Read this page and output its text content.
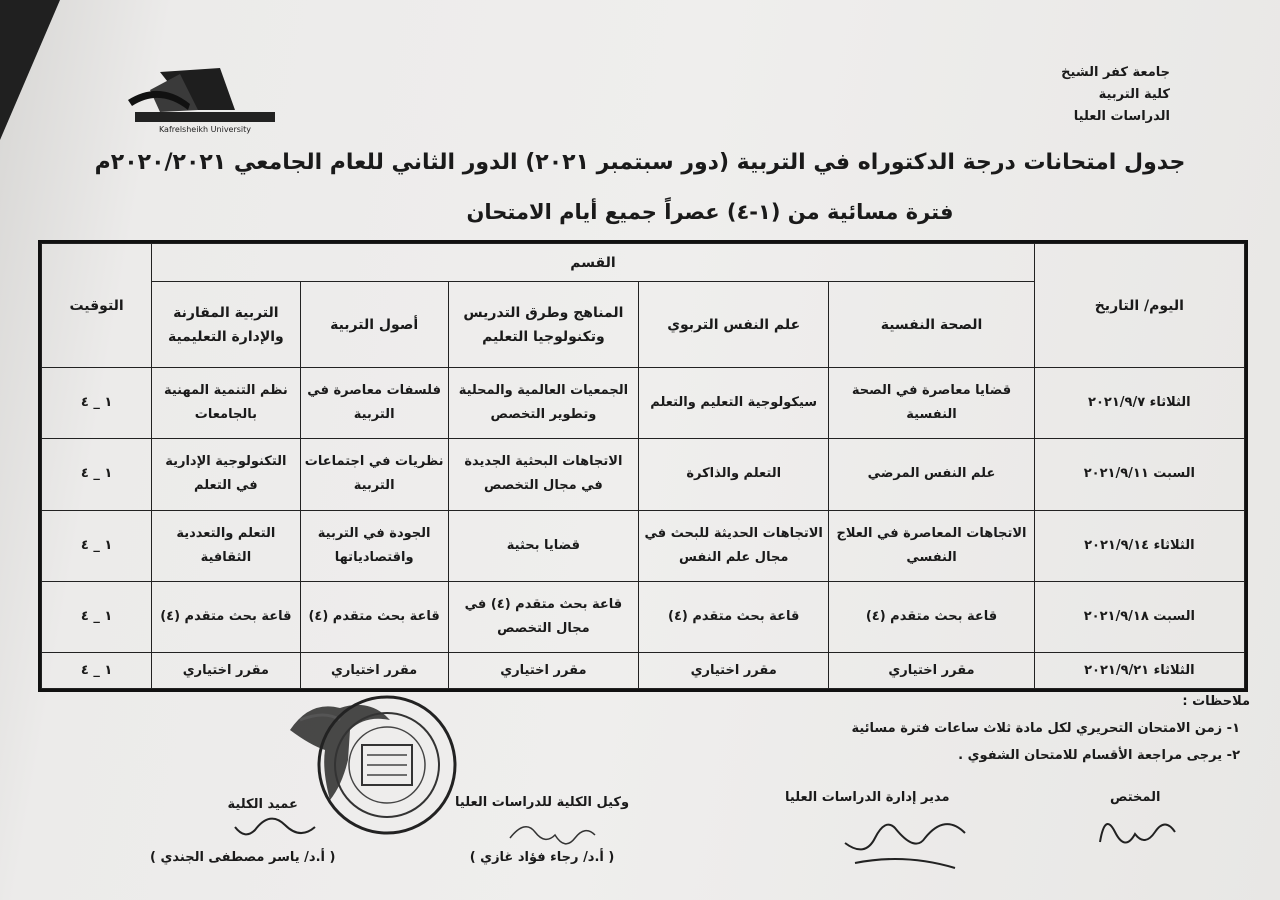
Kafrelsheikh University
جامعة كفر الشيخ
كلية التربية
الدراسات العليا
جدول امتحانات درجة الدكتوراه في التربية (دور سبتمبر ٢٠٢١) الدور الثاني للعام الجامعي ٢٠٢٠/٢٠٢١م
فترة مسائية من (١-٤) عصراً جميع أيام الامتحان
اليوم/ التاريخ	القسم					التوقيت
	الصحة النفسية	علم النفس التربوي	المناهج وطرق التدريس وتكنولوجيا التعليم	أصول التربية	التربية المقارنة والإدارة التعليمية	
الثلاثاء ٢٠٢١/٩/٧	قضايا معاصرة في الصحة النفسية	سيكولوجية التعليم والتعلم	الجمعيات العالمية والمحلية وتطوير التخصص	فلسفات معاصرة في التربية	نظم التنمية المهنية بالجامعات	١ _ ٤
السبت ٢٠٢١/٩/١١	علم النفس المرضي	التعلم والذاكرة	الاتجاهات البحثية الجديدة في مجال التخصص	نظريات في اجتماعات التربية	التكنولوجية الإدارية في التعلم	١ _ ٤
الثلاثاء ٢٠٢١/٩/١٤	الاتجاهات المعاصرة في العلاج النفسي	الاتجاهات الحديثة للبحث في مجال علم النفس	قضايا بحثية	الجودة في التربية واقتصادياتها	التعلم والتعددية الثقافية	١ _ ٤
السبت ٢٠٢١/٩/١٨	قاعة بحث متقدم (٤)	قاعة بحث متقدم (٤)	قاعة بحث متقدم (٤) في مجال التخصص	قاعة بحث متقدم (٤)	قاعة بحث متقدم (٤)	١ _ ٤
الثلاثاء ٢٠٢١/٩/٢١	مقرر اختياري	مقرر اختياري	مقرر اختياري	مقرر اختياري	مقرر اختياري	١ _ ٤
ملاحظات :
١- زمن الامتحان التحريري لكل مادة ثلاث ساعات فترة مسائية
٢- يرجى مراجعة الأقسام للامتحان الشفوي .
المختص
مدير إدارة الدراسات العليا
وكيل الكلية للدراسات العليا
( أ.د/ رجاء فؤاد غازي )
عميد الكلية
( أ.د/ ياسر مصطفى الجندي )
